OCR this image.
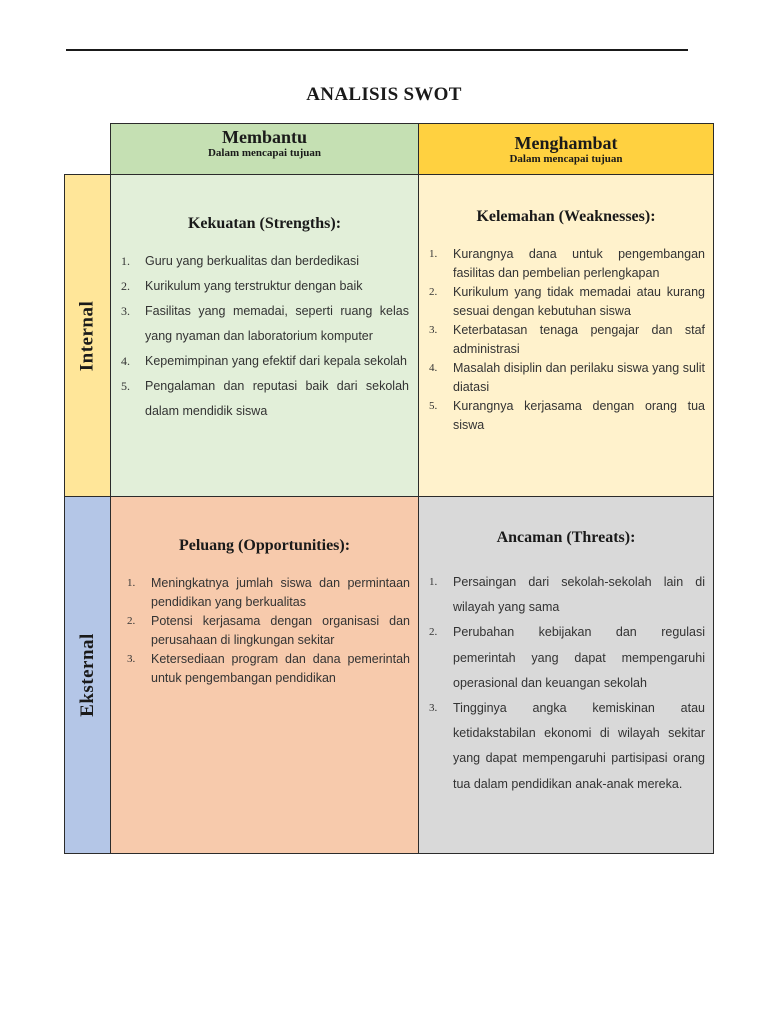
ANALISIS SWOT
Membantu
Dalam mencapai tujuan	Menghambat
Dalam mencapai tujuan
Internal
Eksternal
Kekuatan (Strengths):
Guru yang berkualitas dan berdedikasi
Kurikulum yang terstruktur dengan baik
Fasilitas yang memadai, seperti ruang kelas yang nyaman dan laboratorium komputer
Kepemimpinan yang efektif dari kepala sekolah
Pengalaman dan reputasi baik dari sekolah dalam mendidik siswa
Kelemahan (Weaknesses):
Kurangnya dana untuk pengembangan fasilitas dan pembelian perlengkapan
Kurikulum yang tidak memadai atau kurang sesuai dengan kebutuhan siswa
Keterbatasan tenaga pengajar dan staf administrasi
Masalah disiplin dan perilaku siswa yang sulit diatasi
Kurangnya kerjasama dengan orang tua siswa
Peluang (Opportunities):
Meningkatnya jumlah siswa dan permintaan pendidikan yang berkualitas
Potensi kerjasama dengan organisasi dan perusahaan di lingkungan sekitar
Ketersediaan program dan dana pemerintah untuk pengembangan pendidikan
Ancaman (Threats):
Persaingan dari sekolah-sekolah lain di wilayah yang sama
Perubahan kebijakan dan regulasi pemerintah yang dapat mempengaruhi operasional dan keuangan sekolah
Tingginya angka kemiskinan atau ketidakstabilan ekonomi di wilayah sekitar yang dapat mempengaruhi partisipasi orang tua dalam pendidikan anak-anak mereka.
